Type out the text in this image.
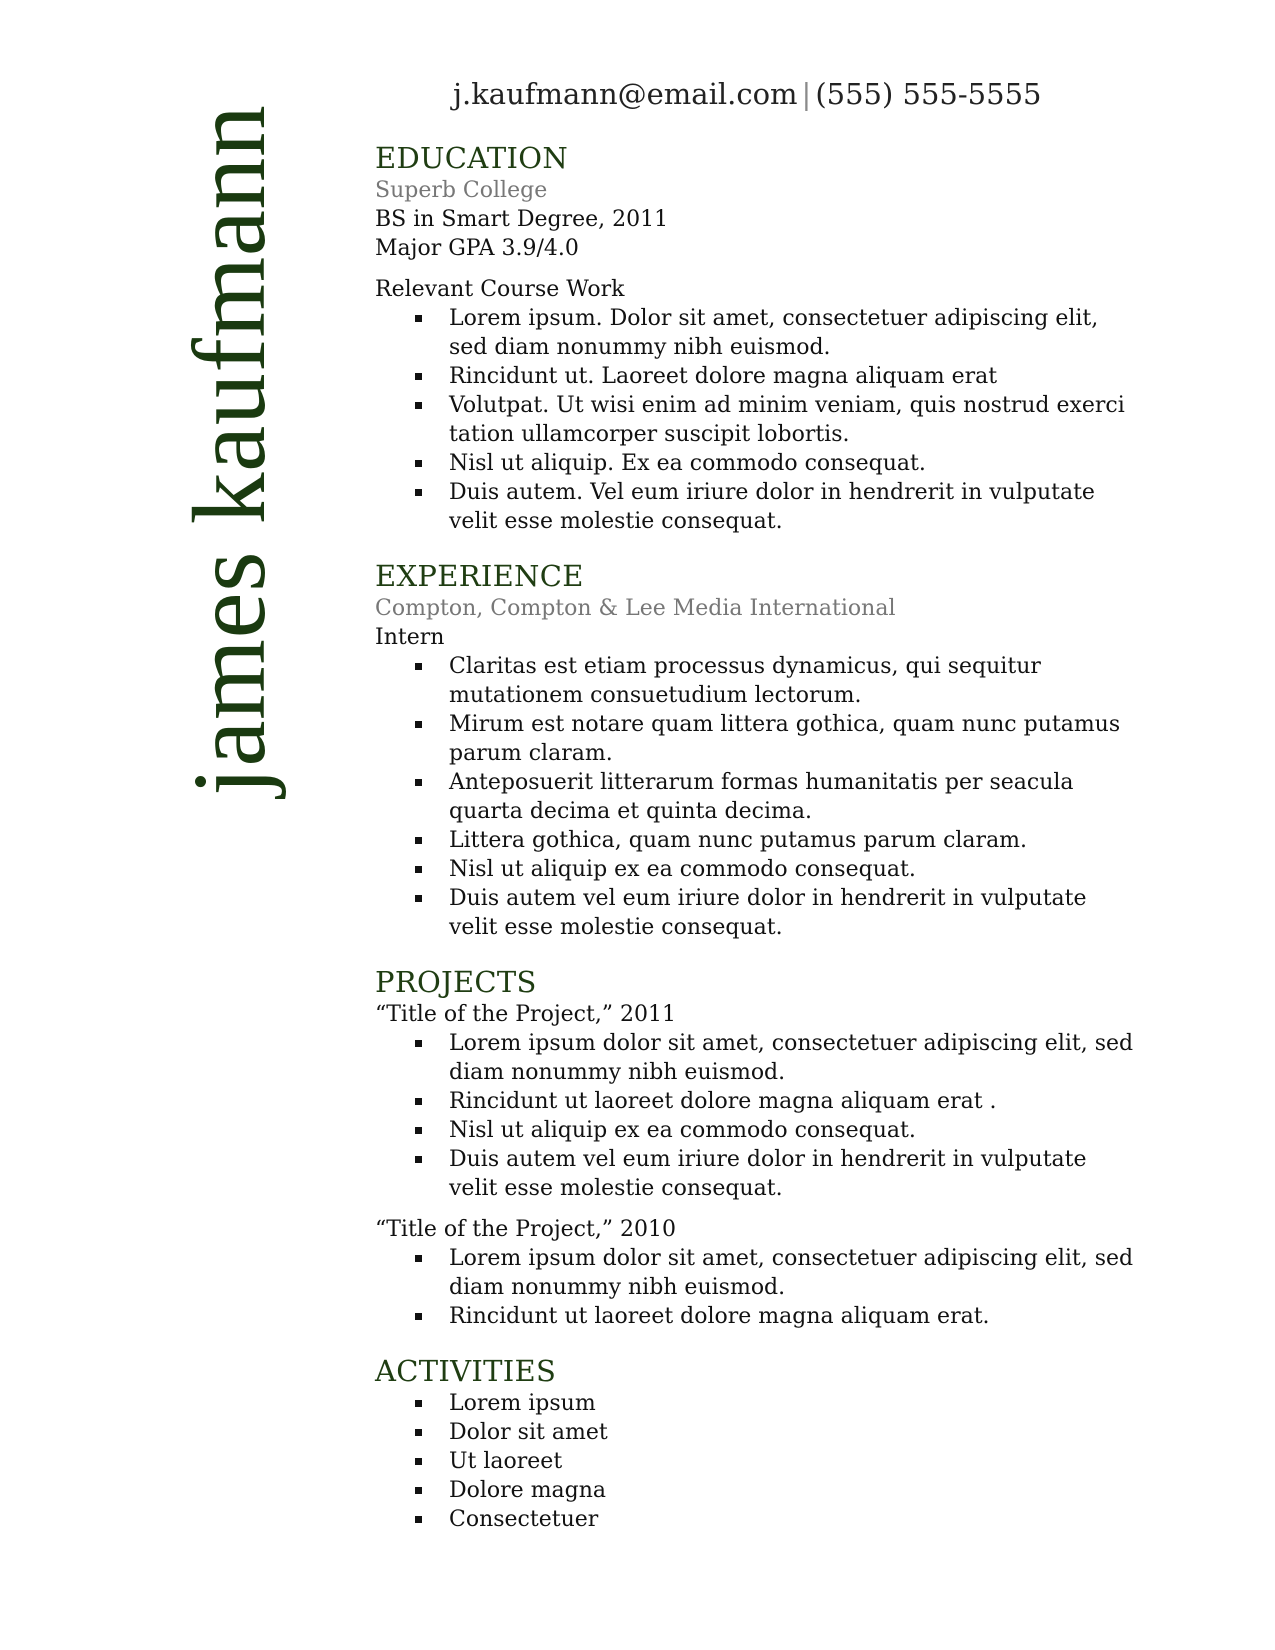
james kaufmann
j.kaufmann@email.com | (555) 555-5555
EDUCATION
Superb College
BS in Smart Degree, 2011
Major GPA 3.9/4.0
Relevant Course Work
Lorem ipsum. Dolor sit amet, consectetuer adipiscing elit, sed diam nonummy nibh euismod.
Rincidunt ut. Laoreet dolore magna aliquam erat
Volutpat. Ut wisi enim ad minim veniam, quis nostrud exerci tation ullamcorper suscipit lobortis.
Nisl ut aliquip. Ex ea commodo consequat.
Duis autem. Vel eum iriure dolor in hendrerit in vulputate velit esse molestie consequat.
EXPERIENCE
Compton, Compton & Lee Media International
Intern
Claritas est etiam processus dynamicus, qui sequitur mutationem consuetudium lectorum.
Mirum est notare quam littera gothica, quam nunc putamus parum claram.
Anteposuerit litterarum formas humanitatis per seacula quarta decima et quinta decima.
Littera gothica, quam nunc putamus parum claram.
Nisl ut aliquip ex ea commodo consequat.
Duis autem vel eum iriure dolor in hendrerit in vulputate velit esse molestie consequat.
PROJECTS
“Title of the Project,” 2011
Lorem ipsum dolor sit amet, consectetuer adipiscing elit, sed diam nonummy nibh euismod.
Rincidunt ut laoreet dolore magna aliquam erat .
Nisl ut aliquip ex ea commodo consequat.
Duis autem vel eum iriure dolor in hendrerit in vulputate velit esse molestie consequat.
“Title of the Project,” 2010
Lorem ipsum dolor sit amet, consectetuer adipiscing elit, sed diam nonummy nibh euismod.
Rincidunt ut laoreet dolore magna aliquam erat.
ACTIVITIES
Lorem ipsum
Dolor sit amet
Ut laoreet
Dolore magna
Consectetuer
